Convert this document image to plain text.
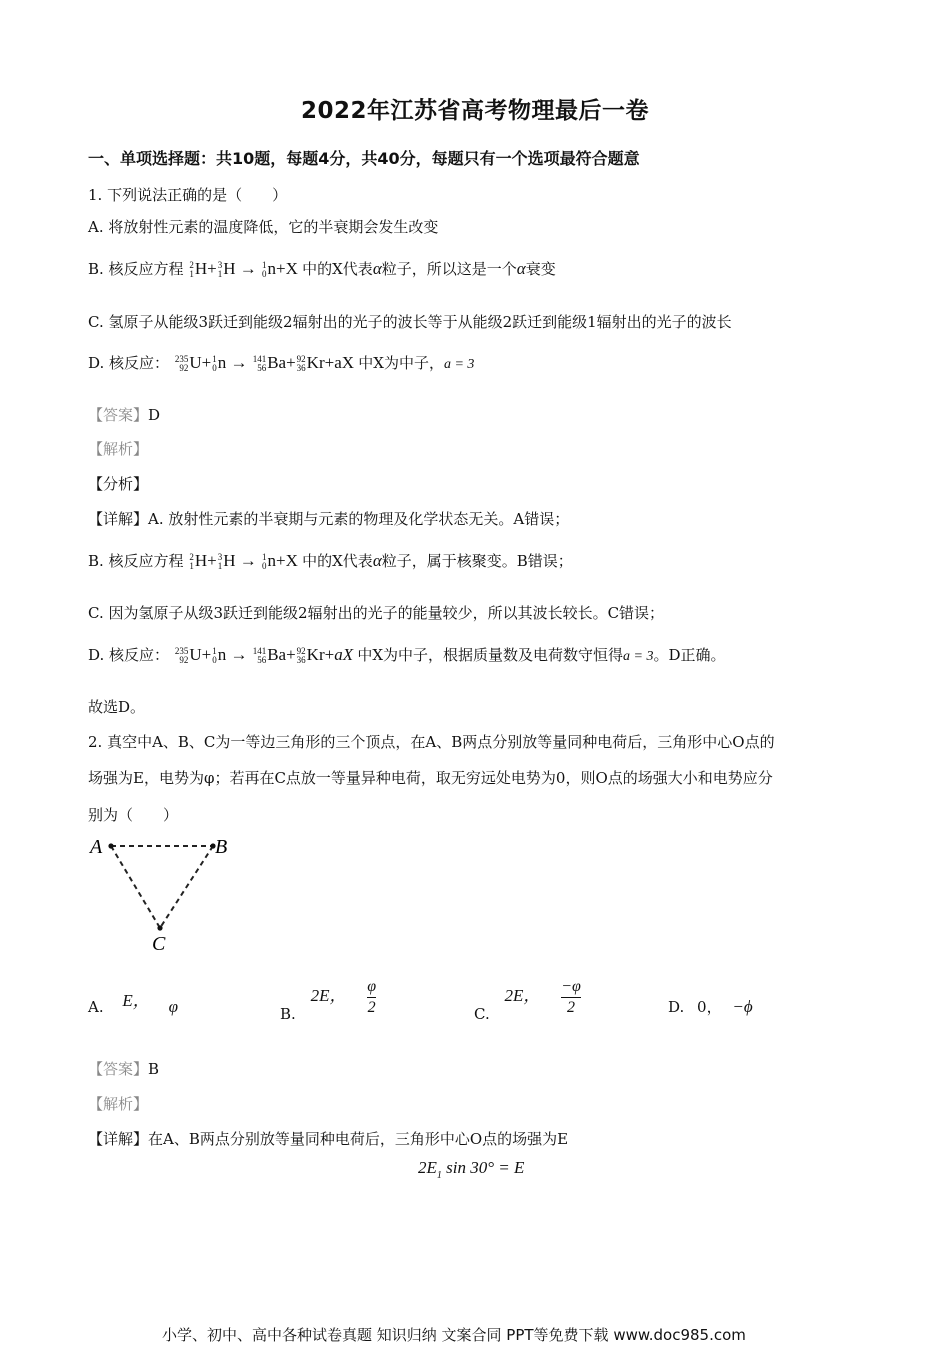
2022年江苏省高考物理最后一卷
一、单项选择题：共10题，每题4分，共40分，每题只有一个选项最符合题意
1. 下列说法正确的是（　　）
A. 将放射性元素的温度降低，它的半衰期会发生改变
B. 核反应方程 2
1 H+ 3
1 H → 1
0 n+X 中的X代表α粒子，所以这是一个α衰变
C. 氢原子从能级3跃迁到能级2辐射出的光子的波长等于从能级2跃迁到能级1辐射出的光子的波长
D. 核反应： 235
92 U+ 1
0 n → 141
56 Ba+ 92
36 Kr+aX 中X为中子，a = 3
【答案】D
【解析】
【分析】
【详解】A. 放射性元素的半衰期与元素的物理及化学状态无关。A错误；
B. 核反应方程 2
1 H+ 3
1 H → 1
0 n+X 中的X代表α粒子，属于核聚变。B错误；
C. 因为氢原子从级3跃迁到能级2辐射出的光子的能量较少，所以其波长较长。C错误；
D. 核反应： 235
92 U+ 1
0 n → 141
56 Ba+ 92
36 Kr+aX 中X为中子，根据质量数及电荷数守恒得a = 3。D正确。
故选D。
2. 真空中A、B、C为一等边三角形的三个顶点，在A、B两点分别放等量同种电荷后，三角形中心O点的
场强为E，电势为φ；若再在C点放一等量异种电荷，取无穷远处电势为0，则O点的场强大小和电势应分
别为（　　）
A	B
C
A. E， φ	B. 2E， $\frac{\varphi}{2}$	C. 2E， $\frac{-\varphi}{2}$	D. 0， −ϕ
【答案】B
【解析】
【详解】在A、B两点分别放等量同种电荷后，三角形中心O点的场强为E
$2E_1$ sin 30° = E
小学、初中、高中各种试卷真题 知识归纳 文案合同 PPT等免费下载 www.doc985.com
